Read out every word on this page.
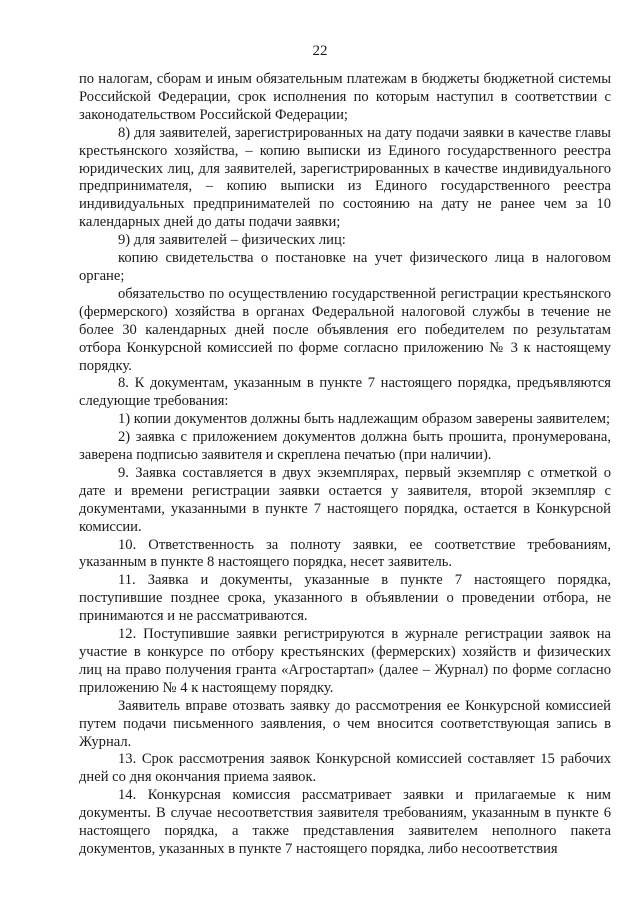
22

по налогам, сборам и иным обязательным платежам в бюджеты бюджетной системы Российской Федерации, срок исполнения по которым наступил в соответствии с законодательством Российской Федерации;

8) для заявителей, зарегистрированных на дату подачи заявки в качестве главы крестьянского хозяйства, – копию выписки из Единого государственного реестра юридических лиц, для заявителей, зарегистрированных в качестве индивидуального предпринимателя, – копию выписки из Единого государственного реестра индивидуальных предпринимателей по состоянию на дату не ранее чем за 10 календарных дней до даты подачи заявки;

9) для заявителей – физических лиц:

копию свидетельства о постановке на учет физического лица в налоговом органе;

обязательство по осуществлению государственной регистрации крестьянского (фермерского) хозяйства в органах Федеральной налоговой службы в течение не более 30 календарных дней после объявления его победителем по результатам отбора Конкурсной комиссией по форме согласно приложению № 3 к настоящему порядку.

8. К документам, указанным в пункте 7 настоящего порядка, предъявляются следующие требования:

1) копии документов должны быть надлежащим образом заверены заявителем;

2) заявка с приложением документов должна быть прошита, пронумерована, заверена подписью заявителя и скреплена печатью (при наличии).

9. Заявка составляется в двух экземплярах, первый экземпляр с отметкой о дате и времени регистрации заявки остается у заявителя, второй экземпляр с документами, указанными в пункте 7 настоящего порядка, остается в Конкурсной комиссии.

10. Ответственность за полноту заявки, ее соответствие требованиям, указанным в пункте 8 настоящего порядка, несет заявитель.

11. Заявка и документы, указанные в пункте 7 настоящего порядка, поступившие позднее срока, указанного в объявлении о проведении отбора, не принимаются и не рассматриваются.

12. Поступившие заявки регистрируются в журнале регистрации заявок на участие в конкурсе по отбору крестьянских (фермерских) хозяйств и физических лиц на право получения гранта «Агростартап» (далее – Журнал) по форме согласно приложению № 4 к настоящему порядку.

Заявитель вправе отозвать заявку до рассмотрения ее Конкурсной комиссией путем подачи письменного заявления, о чем вносится соответствующая запись в Журнал.

13. Срок рассмотрения заявок Конкурсной комиссией составляет 15 рабочих дней со дня окончания приема заявок.

14. Конкурсная комиссия рассматривает заявки и прилагаемые к ним документы. В случае несоответствия заявителя требованиям, указанным в пункте 6 настоящего порядка, а также представления заявителем неполного пакета документов, указанных в пункте 7 настоящего порядка, либо несоответствия
